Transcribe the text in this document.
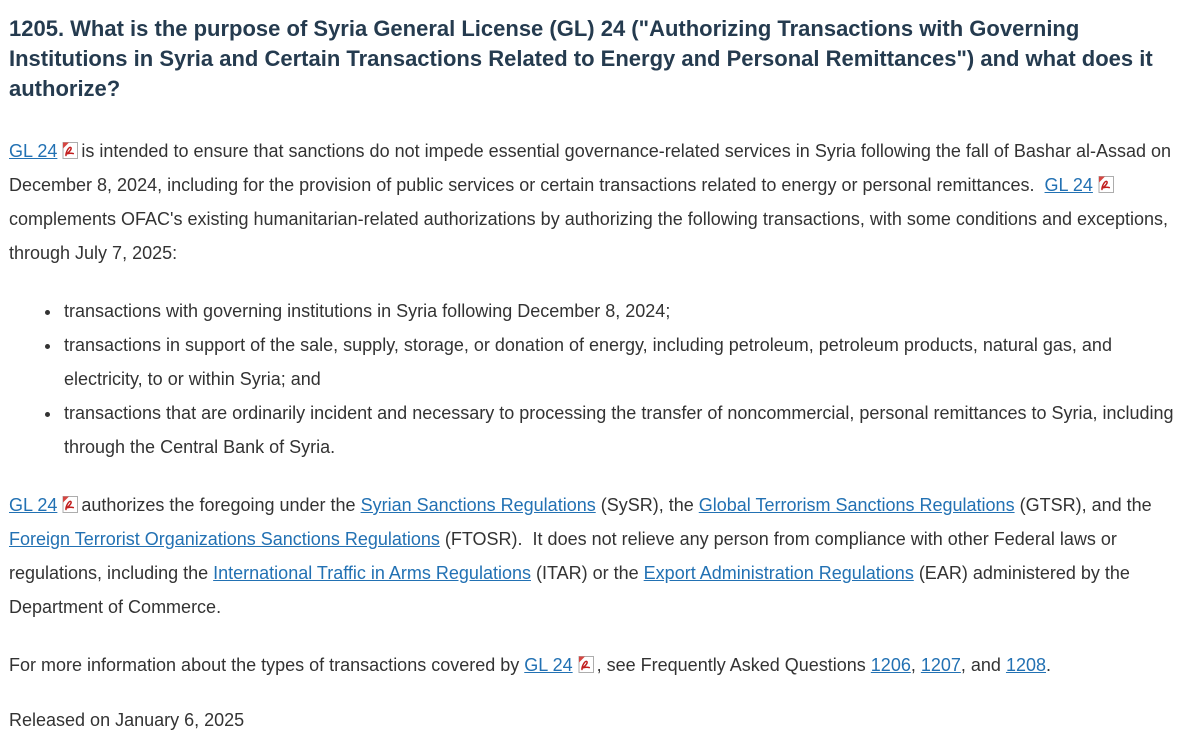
1205. What is the purpose of Syria General License (GL) 24 ("Authorizing Transactions with Governing Institutions in Syria and Certain Transactions Related to Energy and Personal Remittances") and what does it authorize?

GL 24 is intended to ensure that sanctions do not impede essential governance-related services in Syria following the fall of Bashar al-Assad on December 8, 2024, including for the provision of public services or certain transactions related to energy or personal remittances.  GL 24complements OFAC's existing humanitarian-related authorizations by authorizing the following transactions, with some conditions and exceptions, through July 7, 2025:

• transactions with governing institutions in Syria following December 8, 2024;
• transactions in support of the sale, supply, storage, or donation of energy, including petroleum, petroleum products, natural gas, and electricity, to or within Syria; and
• transactions that are ordinarily incident and necessary to processing the transfer of noncommercial, personal remittances to Syria, including through the Central Bank of Syria.

GL 24 authorizes the foregoing under the Syrian Sanctions Regulations (SySR), the Global Terrorism Sanctions Regulations (GTSR), and the Foreign Terrorist Organizations Sanctions Regulations (FTOSR).  It does not relieve any person from compliance with other Federal laws or regulations, including the International Traffic in Arms Regulations (ITAR) or the Export Administration Regulations (EAR) administered by the Department of Commerce.

For more information about the types of transactions covered by GL 24 , see Frequently Asked Questions 1206, 1207, and 1208.

Released on January 6, 2025
